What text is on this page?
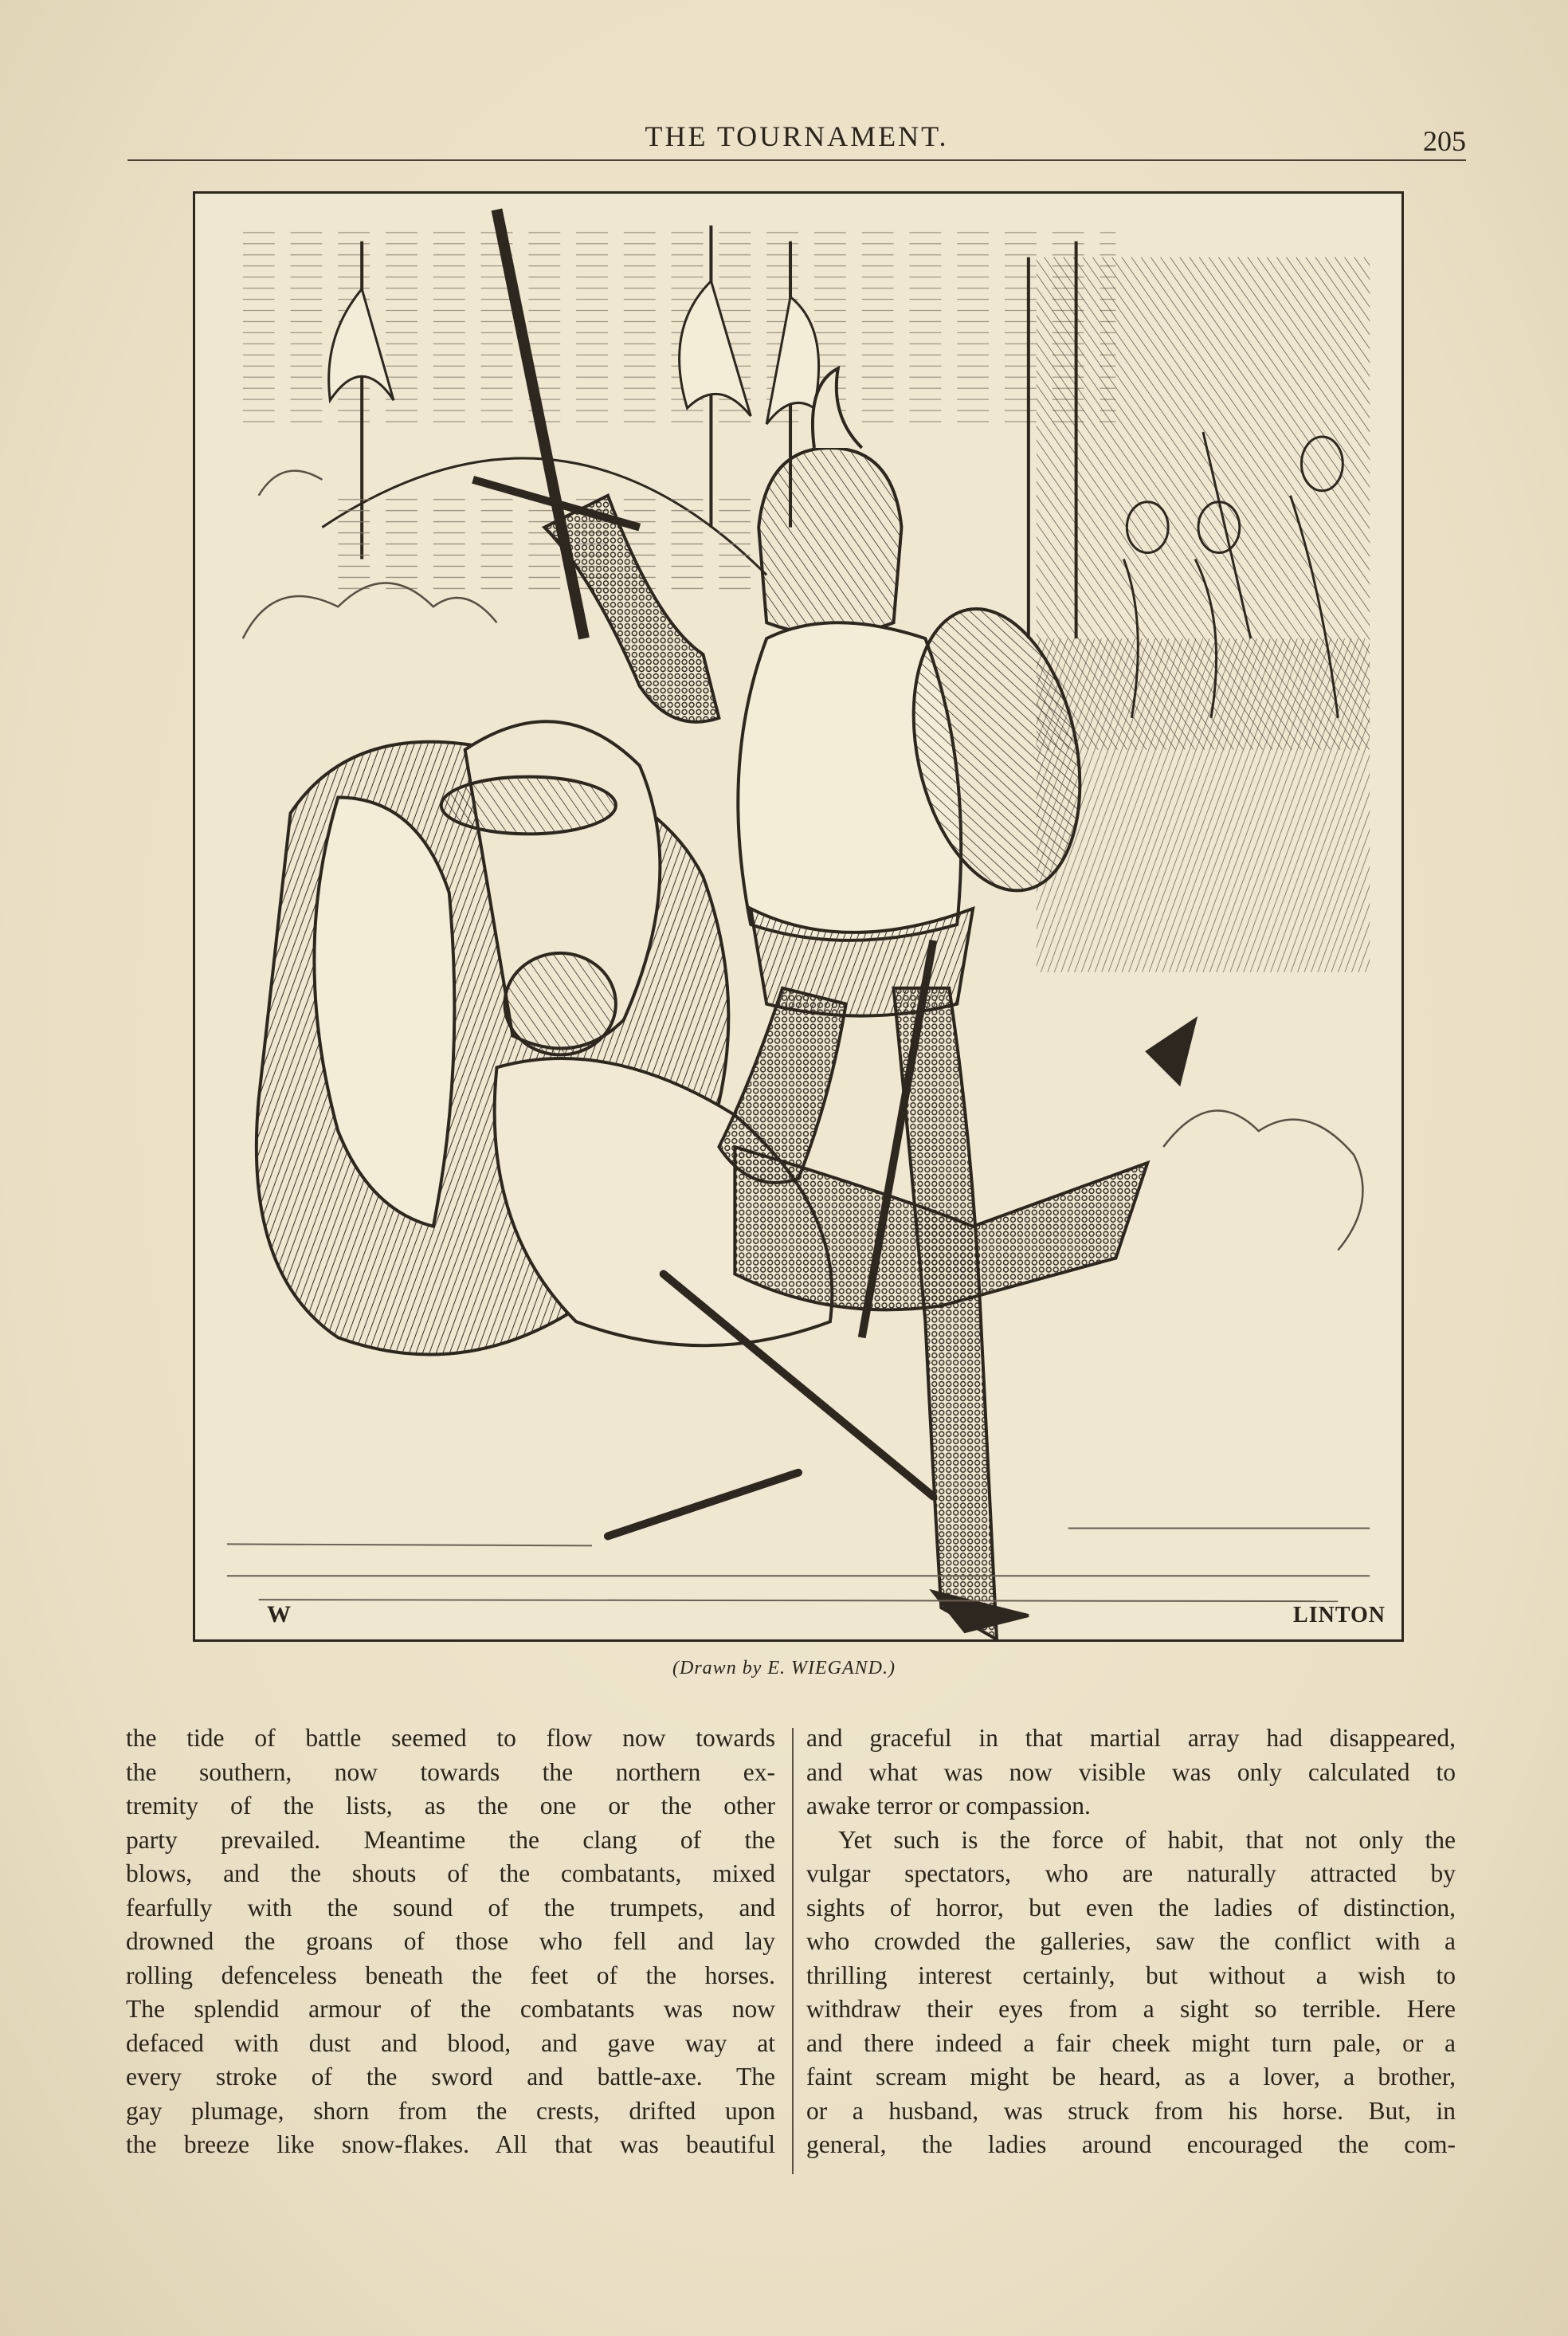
THE TOURNAMENT.	205
W	LINTON
(Drawn by E. WIEGAND.)
the tide of battle seemed to flow now towards
the southern, now towards the northern ex-
tremity of the lists, as the one or the other
party prevailed. Meantime the clang of the
blows, and the shouts of the combatants, mixed
fearfully with the sound of the trumpets, and
drowned the groans of those who fell and lay
rolling defenceless beneath the feet of the horses.
The splendid armour of the combatants was now
defaced with dust and blood, and gave way at
every stroke of the sword and battle-axe. The
gay plumage, shorn from the crests, drifted upon
the breeze like snow-flakes. All that was beautiful
and graceful in that martial array had disappeared,
and what was now visible was only calculated to
awake terror or compassion.
Yet such is the force of habit, that not only the
vulgar spectators, who are naturally attracted by
sights of horror, but even the ladies of distinction,
who crowded the galleries, saw the conflict with a
thrilling interest certainly, but without a wish to
withdraw their eyes from a sight so terrible. Here
and there indeed a fair cheek might turn pale, or a
faint scream might be heard, as a lover, a brother,
or a husband, was struck from his horse. But, in
general, the ladies around encouraged the com-
